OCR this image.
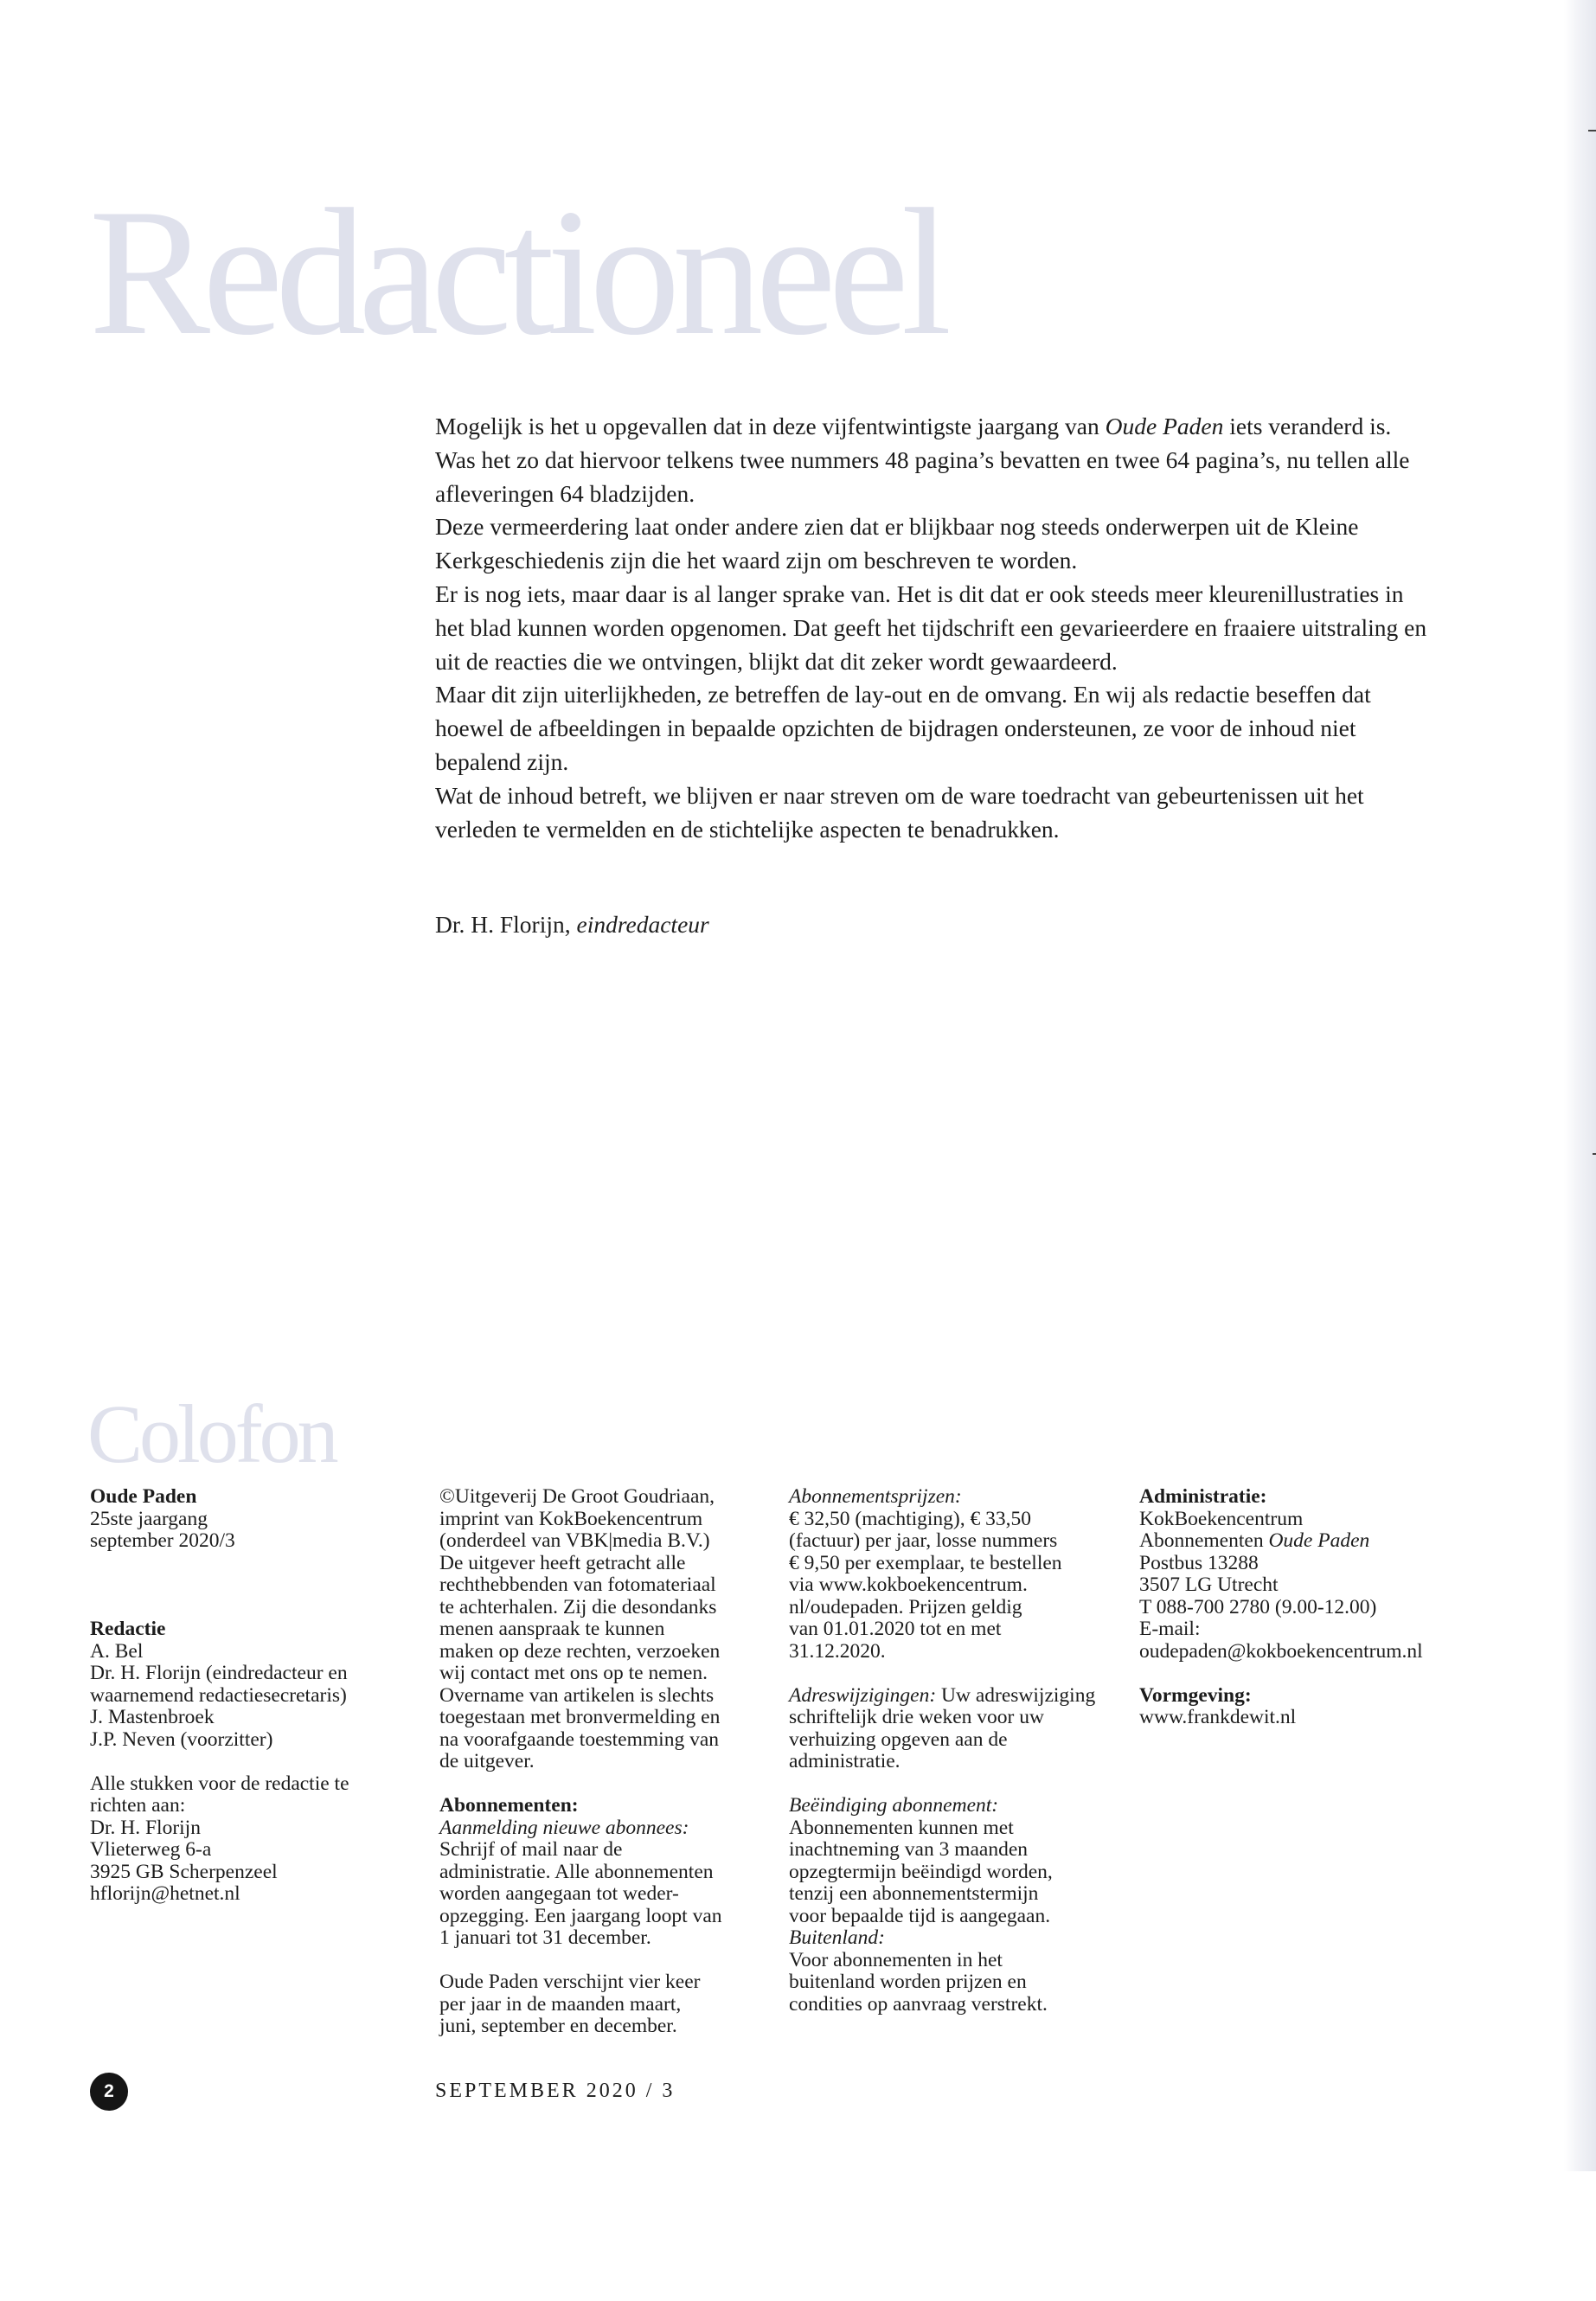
Redactioneel

Mogelijk is het u opgevallen dat in deze vijfentwintigste jaargang van Oude Paden iets veranderd is. Was het zo dat hiervoor telkens twee nummers 48 pagina’s bevatten en twee 64 pagina’s, nu tellen alle afleveringen 64 bladzijden.

Deze vermeerdering laat onder andere zien dat er blijkbaar nog steeds onderwerpen uit de Kleine Kerkgeschiedenis zijn die het waard zijn om beschreven te worden.

Er is nog iets, maar daar is al langer sprake van. Het is dit dat er ook steeds meer kleurenillustraties in het blad kunnen worden opgenomen. Dat geeft het tijdschrift een gevarieerdere en fraaiere uitstraling en uit de reacties die we ontvingen, blijkt dat dit zeker wordt gewaardeerd.

Maar dit zijn uiterlijkheden, ze betreffen de lay-out en de omvang. En wij als redactie beseffen dat hoewel de afbeeldingen in bepaalde opzichten de bijdragen ondersteunen, ze voor de inhoud niet bepalend zijn.

Wat de inhoud betreft, we blijven er naar streven om de ware toedracht van gebeurtenissen uit het verleden te vermelden en de stichtelijke aspecten te benadrukken.

Dr. H. Florijn, eindredacteur
Colofon

Oude Paden

25ste jaargang

september 2020/3

Redactie

A. Bel

Dr. H. Florijn (eindredacteur en

waarnemend redactiesecretaris)

J. Mastenbroek

J.P. Neven (voorzitter)

Alle stukken voor de redactie te

richten aan:

Dr. H. Florijn

Vlieterweg 6-a

3925 GB Scherpenzeel

hflorijn@hetnet.nl

©Uitgeverij De Groot Goudriaan,

imprint van KokBoekencentrum

(onderdeel van VBK|media B.V.)

De uitgever heeft getracht alle

rechthebbenden van fotomateriaal

te achterhalen. Zij die desondanks

menen aanspraak te kunnen

maken op deze rechten, verzoeken

wij contact met ons op te nemen.

Overname van artikelen is slechts

toegestaan met bronvermelding en

na voorafgaande toestemming van

de uitgever.

Abonnementen:

Aanmelding nieuwe abonnees:

Schrijf of mail naar de

administratie. Alle abonnementen

worden aangegaan tot weder-

opzegging. Een jaargang loopt van

1 januari tot 31 december.

Oude Paden verschijnt vier keer

per jaar in de maanden maart,

juni, september en december.

Abonnementsprijzen:

€ 32,50 (machtiging), € 33,50

(factuur) per jaar, losse nummers

€ 9,50 per exemplaar, te bestellen

via www.kokboekencentrum.

nl/oudepaden. Prijzen geldig

van 01.01.2020 tot en met

31.12.2020.

Adreswijzigingen: Uw adreswijziging

schriftelijk drie weken voor uw

verhuizing opgeven aan de

administratie.

Beëindiging abonnement:

Abonnementen kunnen met

inachtneming van 3 maanden

opzegtermijn beëindigd worden,

tenzij een abonnementstermijn

voor bepaalde tijd is aangegaan.

Buitenland:

Voor abonnementen in het

buitenland worden prijzen en

condities op aanvraag verstrekt.

Administratie:

KokBoekencentrum

Abonnementen Oude Paden

Postbus 13288

3507 LG Utrecht

T 088-700 2780 (9.00-12.00)

E-mail:

oudepaden@kokboekencentrum.nl

Vormgeving:

www.frankdewit.nl

2	SEPTEMBER 2020 / 3
